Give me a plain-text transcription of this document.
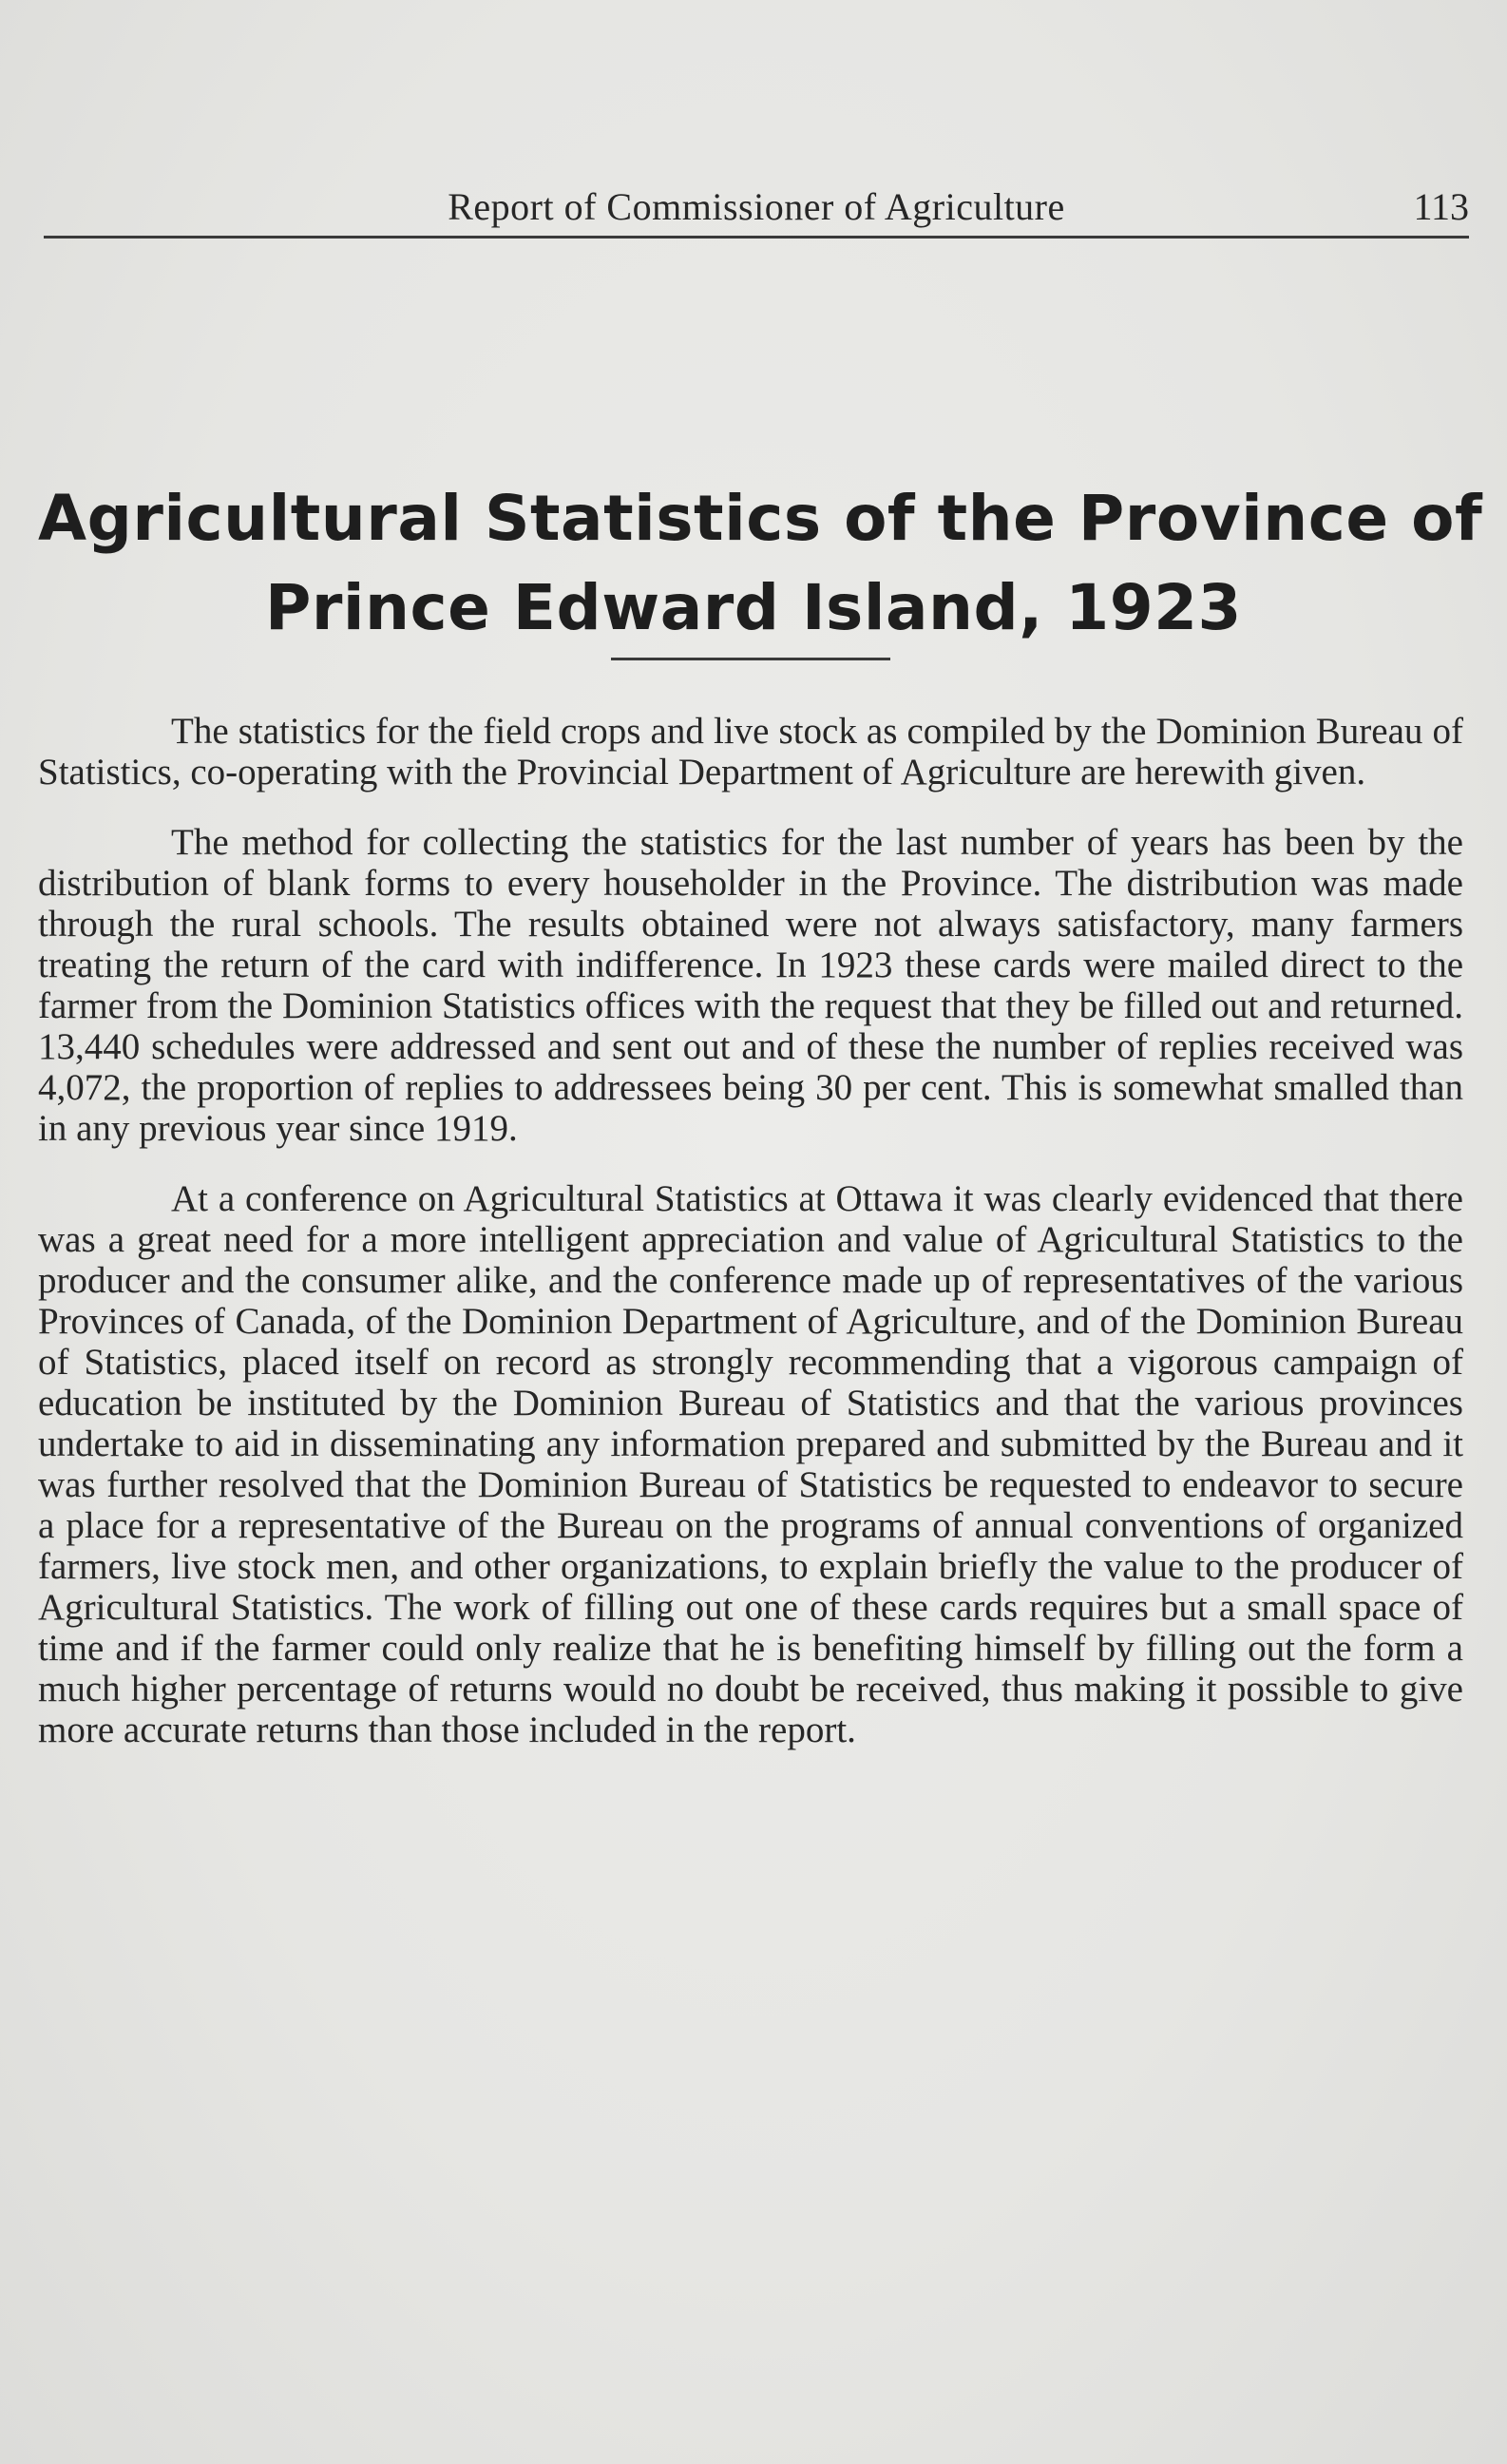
Report of Commissioner of Agriculture	113
Agricultural Statistics of the Province of
Prince Edward Island, 1923

The statistics for the field crops and live stock as compiled by the Dominion Bureau of Statistics, co-operating with the Provincial Department of Agriculture are herewith given.

The method for collecting the statistics for the last number of years has been by the distribution of blank forms to every householder in the Province. The distribution was made through the rural schools. The results obtained were not always satisfactory, many farmers treating the return of the card with indifference. In 1923 these cards were mailed direct to the farmer from the Dominion Statistics offices with the request that they be filled out and returned. 13,440 schedules were addressed and sent out and of these the number of replies received was 4,072, the proportion of replies to addressees being 30 per cent. This is somewhat smalled than in any previous year since 1919.

At a conference on Agricultural Statistics at Ottawa it was clearly evidenced that there was a great need for a more intelligent appreciation and value of Agricultural Statistics to the producer and the consumer alike, and the conference made up of representatives of the various Provinces of Canada, of the Dominion Department of Agriculture, and of the Dominion Bureau of Statistics, placed itself on record as strongly recommending that a vigorous campaign of education be instituted by the Dominion Bureau of Statistics and that the various provinces undertake to aid in disseminating any information prepared and submitted by the Bureau and it was further resolved that the Dominion Bureau of Statistics be requested to endeavor to secure a place for a representative of the Bureau on the programs of annual conventions of organized farmers, live stock men, and other organizations, to explain briefly the value to the producer of Agricultural Statistics. The work of filling out one of these cards requires but a small space of time and if the farmer could only realize that he is benefiting himself by filling out the form a much higher percentage of returns would no doubt be received, thus making it possible to give more accurate returns than those included in the report.
